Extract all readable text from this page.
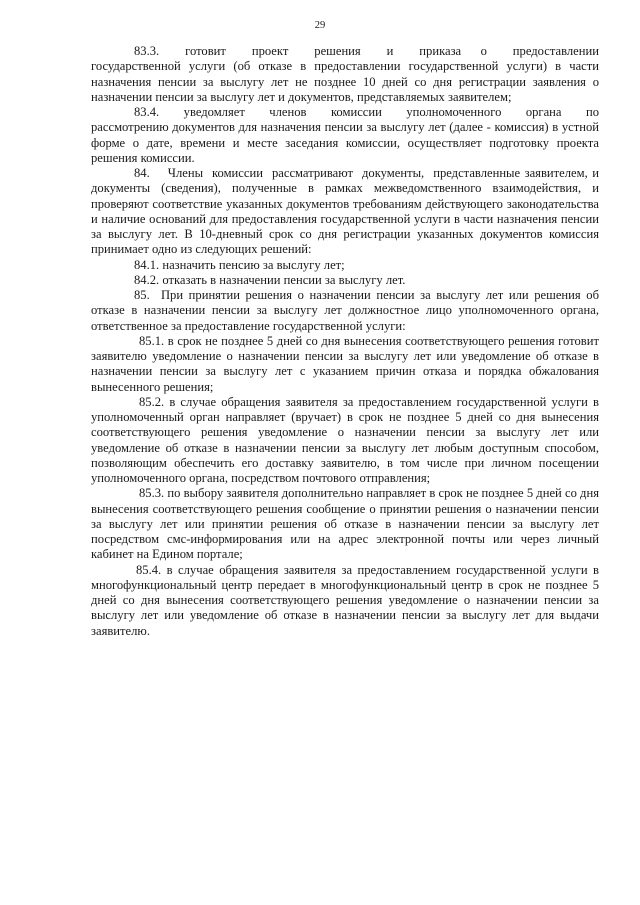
29

83.3.    готовит    проект    решения    и    приказа   о    предоставлении государственной услуги (об отказе в предоставлении государственной услуги) в части назначения пенсии за выслугу лет не позднее 10 дней со дня регистрации заявления о назначении пенсии за выслугу лет и документов, представляемых заявителем;

83.4.    уведомляет    членов    комиссии    уполномоченного    органа    по рассмотрению документов для назначения пенсии за выслугу лет (далее - комиссия) в устной форме о дате, времени и месте заседания комиссии, осуществляет подготовку проекта решения комиссии.

84.    Члены  комиссии  рассматривают  документы,  представленные заявителем, и документы (сведения), полученные в рамках межведомственного взаимодействия, и проверяют соответствие указанных документов требованиям действующего законодательства и наличие оснований для предоставления государственной услуги в части назначения пенсии за выслугу лет. В 10-дневный срок со дня регистрации указанных документов комиссия принимает одно из следующих решений:

84.1. назначить пенсию за выслугу лет;

84.2. отказать в назначении пенсии за выслугу лет.

85.  При принятии решения о назначении пенсии за выслугу лет или решения об отказе в назначении пенсии за выслугу лет должностное лицо уполномоченного органа, ответственное за предоставление государственной услуги:

85.1. в срок не позднее 5 дней со дня вынесения соответствующего решения готовит заявителю уведомление о назначении пенсии за выслугу лет или уведомление об отказе в назначении пенсии за выслугу лет с указанием причин отказа и порядка обжалования вынесенного решения;

85.2. в случае обращения заявителя за предоставлением государственной услуги в уполномоченный орган направляет (вручает) в срок не позднее 5 дней со дня вынесения соответствующего решения уведомление о назначении пенсии за выслугу лет или уведомление об отказе в назначении пенсии за выслугу лет любым доступным способом, позволяющим обеспечить его доставку заявителю, в том числе при личном посещении уполномоченного органа, посредством почтового отправления;

85.3. по выбору заявителя дополнительно направляет в срок не позднее 5 дней со дня вынесения соответствующего решения сообщение о принятии решения о назначении пенсии за выслугу лет или принятии решения об отказе в назначении пенсии за выслугу лет посредством смс-информирования или на адрес электронной почты или через личный кабинет на Едином портале;

85.4. в случае обращения заявителя за предоставлением государственной услуги в многофункциональный центр передает в многофункциональный центр в срок не позднее 5 дней со дня вынесения соответствующего решения уведомление о назначении пенсии за выслугу лет или уведомление об отказе в назначении пенсии за выслугу лет для выдачи заявителю.
